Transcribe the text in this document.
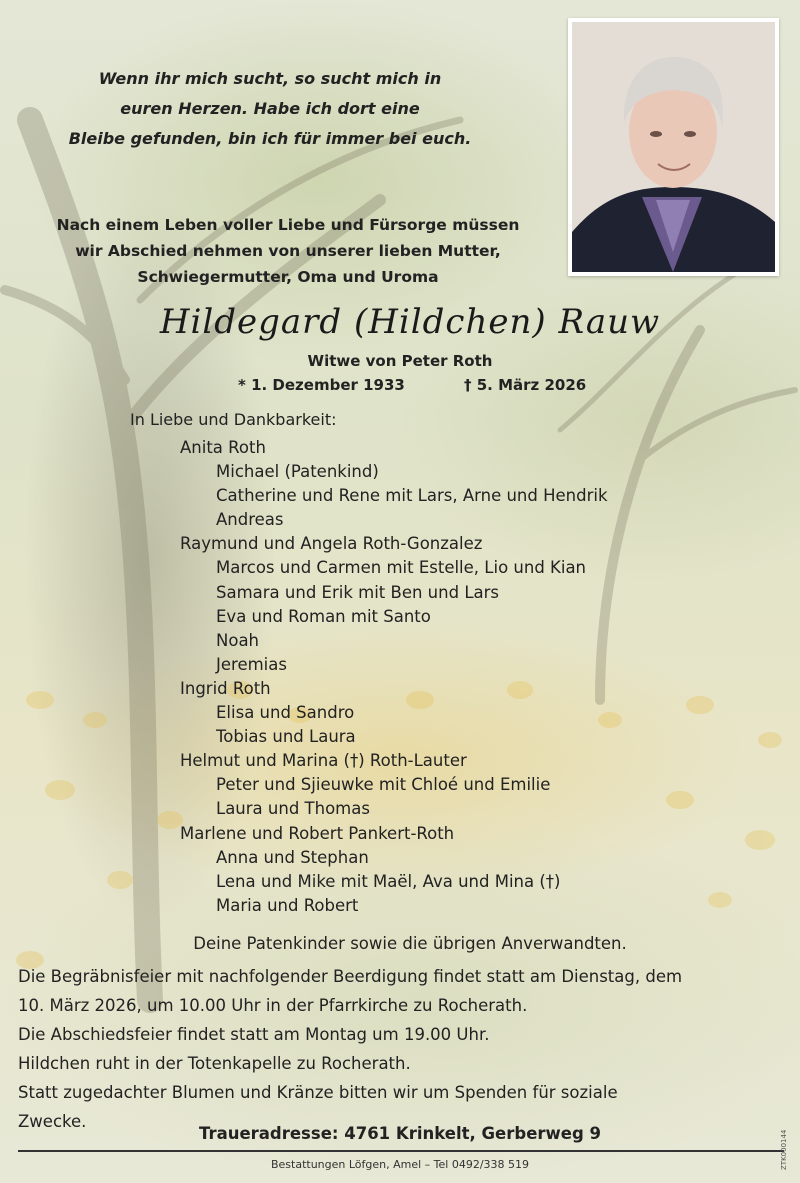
Wenn ihr mich sucht, so sucht mich in
euren Herzen. Habe ich dort eine
Bleibe gefunden, bin ich für immer bei euch.
Nach einem Leben voller Liebe und Fürsorge müssen
wir Abschied nehmen von unserer lieben Mutter,
Schwiegermutter, Oma und Uroma
Hildegard (Hildchen) Rauw
Witwe von Peter Roth
* 1. Dezember 1933	† 5. März 2026
In Liebe und Dankbarkeit:
Anita Roth
Michael (Patenkind)
Catherine und Rene mit Lars, Arne und Hendrik
Andreas
Raymund und Angela Roth-Gonzalez
Marcos und Carmen mit Estelle, Lio und Kian
Samara und Erik mit Ben und Lars
Eva und Roman mit Santo
Noah
Jeremias
Ingrid Roth
Elisa und Sandro
Tobias und Laura
Helmut und Marina (†) Roth-Lauter
Peter und Sjieuwke mit Chloé und Emilie
Laura und Thomas
Marlene und Robert Pankert-Roth
Anna und Stephan
Lena und Mike mit Maël, Ava und Mina (†)
Maria und Robert
Deine Patenkinder sowie die übrigen Anverwandten.

Die Begräbnisfeier mit nachfolgender Beerdigung findet statt am Dienstag, dem

10. März 2026, um 10.00 Uhr in der Pfarrkirche zu Rocherath.

Die Abschiedsfeier findet statt am Montag um 19.00 Uhr.

Hildchen ruht in der Totenkapelle zu Rocherath.

Statt zugedachter Blumen und Kränze bitten wir um Spenden für soziale

Zwecke.

Traueradresse: 4761 Krinkelt, Gerberweg 9
Bestattungen Löfgen, Amel – Tel 0492/338 519	ZTK000144
